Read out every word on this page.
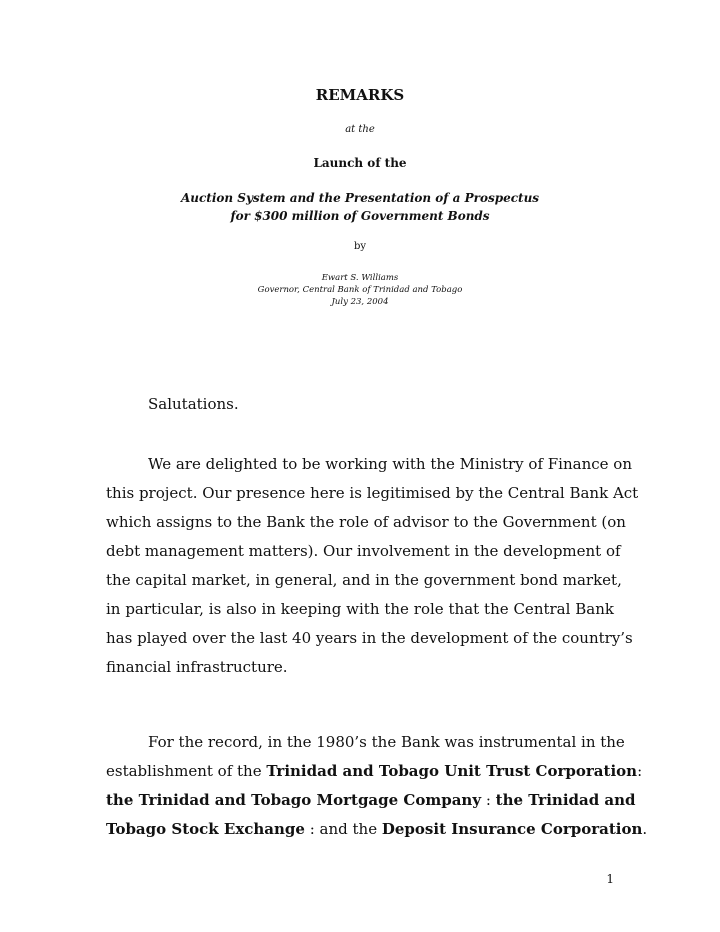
REMARKS
at the
Launch of the
Auction System and the Presentation of a Prospectus
for $300 million of Government Bonds
by
Ewart S. Williams
Governor, Central Bank of Trinidad and Tobago
July 23, 2004
Salutations.
We are delighted to be working with the Ministry of Finance on
this project. Our presence here is legitimised by the Central Bank Act
which assigns to the Bank the role of advisor to the Government (on
debt management matters). Our involvement in the development of
the capital market, in general, and in the government bond market,
in particular, is also in keeping with the role that the Central Bank
has played over the last 40 years in the development of the country’s
financial infrastructure.
For the record, in the 1980’s the Bank was instrumental in the
establishment of the Trinidad and Tobago Unit Trust Corporation:
the Trinidad and Tobago Mortgage Company : the Trinidad and
Tobago Stock Exchange : and the Deposit Insurance Corporation.
1
